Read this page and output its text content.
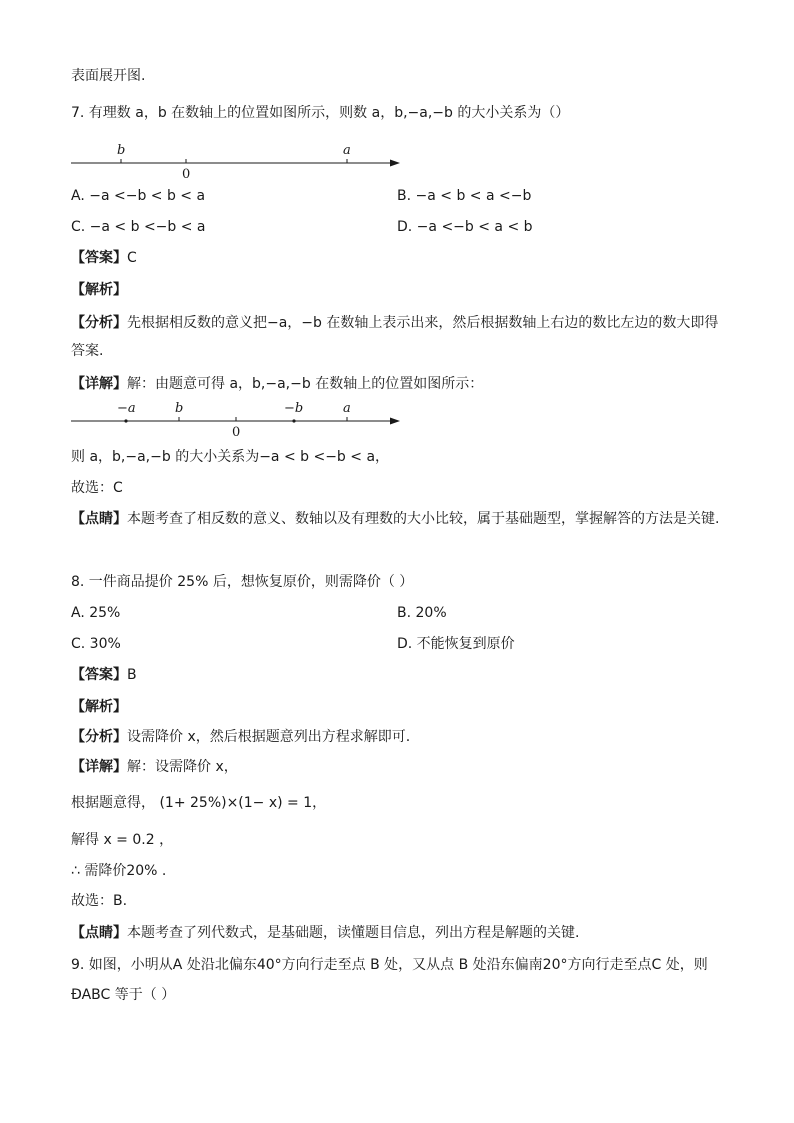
表面展开图.
7. 有理数 a，b 在数轴上的位置如图所示，则数 a，b,−a,−b 的大小关系为（）
b
0
a
A. −a <−b < b < a	B. −a < b < a <−b
C. −a < b <−b < a	D. −a <−b < a < b
【答案】C
【解析】
【分析】先根据相反数的意义把−a，−b 在数轴上表示出来，然后根据数轴上右边的数比左边的数大即得答案.
【详解】解：由题意可得 a，b,−a,−b 在数轴上的位置如图所示：
−a	b
0
−b	a
则 a，b,−a,−b 的大小关系为−a < b <−b < a，
故选：C
【点睛】本题考查了相反数的意义、数轴以及有理数的大小比较，属于基础题型，掌握解答的方法是关键.
8. 一件商品提价 25% 后，想恢复原价，则需降价（ ）
A. 25%	B. 20%
C. 30%	D. 不能恢复到原价
【答案】B
【解析】
【分析】设需降价 x，然后根据题意列出方程求解即可.
【详解】解：设需降价 x，
根据题意得， (1+ 25%)×(1− x) = 1，
解得 x = 0.2 ，
∴ 需降价20% .
故选：B.
【点睛】本题考查了列代数式，是基础题，读懂题目信息，列出方程是解题的关键.
9. 如图，小明从A 处沿北偏东40°方向行走至点 B 处，又从点 B 处沿东偏南20°方向行走至点C 处，则
ĐABC 等于（ ）
